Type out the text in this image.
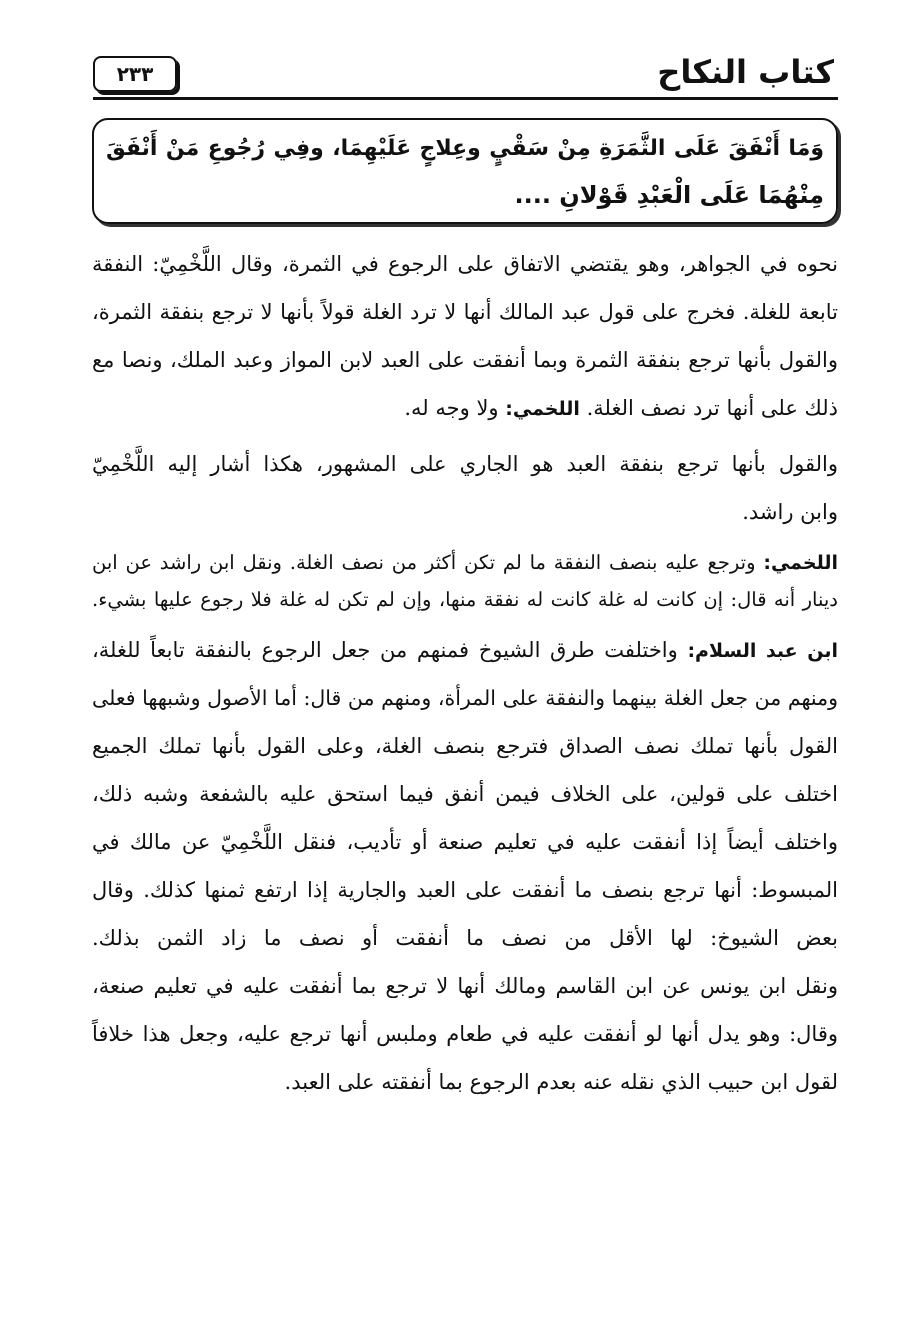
٢٣٣	كتاب النكاح
وَمَا أَنْفَقَ عَلَى الثَّمَرَةِ مِنْ سَقْيٍ وعِلاجٍ عَلَيْهِمَا، وفِي رُجُوعِ مَنْ أَنْفَقَ
مِنْهُمَا عَلَى الْعَبْدِ قَوْلانِ ....
نحوه في الجواهر، وهو يقتضي الاتفاق على الرجوع في الثمرة، وقال اللَّخْمِيّ: النفقة
تابعة للغلة. فخرج على قول عبد المالك أنها لا ترد الغلة قولاً بأنها لا ترجع بنفقة الثمرة،
والقول بأنها ترجع بنفقة الثمرة وبما أنفقت على العبد لابن المواز وعبد الملك، ونصا مع
ذلك على أنها ترد نصف الغلة. اللخمي: ولا وجه له.
والقول بأنها ترجع بنفقة العبد هو الجاري على المشهور، هكذا أشار إليه اللَّخْمِيّ
وابن راشد.
اللخمي: وترجع عليه بنصف النفقة ما لم تكن أكثر من نصف الغلة. ونقل ابن راشد عن ابن
دينار أنه قال: إن كانت له غلة كانت له نفقة منها، وإن لم تكن له غلة فلا رجوع عليها بشيء.
ابن عبد السلام: واختلفت طرق الشيوخ فمنهم من جعل الرجوع بالنفقة تابعاً للغلة،
ومنهم من جعل الغلة بينهما والنفقة على المرأة، ومنهم من قال: أما الأصول وشبهها فعلى
القول بأنها تملك نصف الصداق فترجع بنصف الغلة، وعلى القول بأنها تملك الجميع
اختلف على قولين، على الخلاف فيمن أنفق فيما استحق عليه بالشفعة وشبه ذلك،
واختلف أيضاً إذا أنفقت عليه في تعليم صنعة أو تأديب، فنقل اللَّخْمِيّ عن مالك في
المبسوط: أنها ترجع بنصف ما أنفقت على العبد والجارية إذا ارتفع ثمنها كذلك. وقال
بعض الشيوخ: لها الأقل من نصف ما أنفقت أو نصف ما زاد الثمن بذلك.
ونقل ابن يونس عن ابن القاسم ومالك أنها لا ترجع بما أنفقت عليه في تعليم صنعة،
وقال: وهو يدل أنها لو أنفقت عليه في طعام وملبس أنها ترجع عليه، وجعل هذا خلافاً
لقول ابن حبيب الذي نقله عنه بعدم الرجوع بما أنفقته على العبد.
